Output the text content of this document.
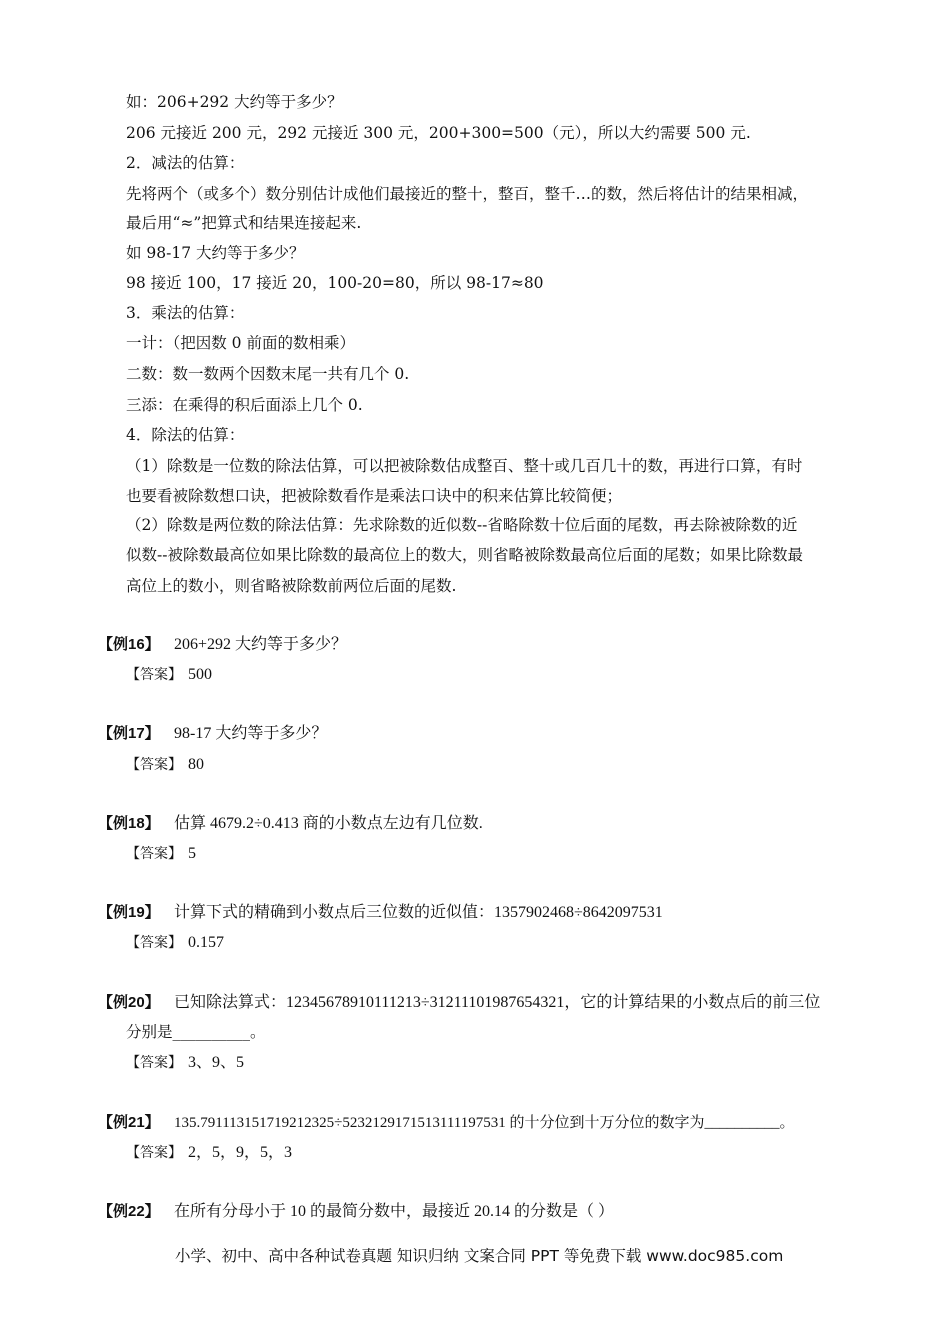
如：206+292 大约等于多少？
206 元接近 200 元，292 元接近 300 元，200+300=500（元），所以大约需要 500 元.
2．减法的估算：
先将两个（或多个）数分别估计成他们最接近的整十，整百，整千…的数，然后将估计的结果相减，
最后用“≈”把算式和结果连接起来.
如 98-17 大约等于多少？
98 接近 100，17 接近 20，100-20=80，所以 98-17≈80
3．乘法的估算：
一计：（把因数 0 前面的数相乘）
二数：数一数两个因数末尾一共有几个 0.
三添：在乘得的积后面添上几个 0.
4．除法的估算：
（1）除数是一位数的除法估算，可以把被除数估成整百、整十或几百几十的数，再进行口算，有时
也要看被除数想口诀，把被除数看作是乘法口诀中的积来估算比较简便；
（2）除数是两位数的除法估算：先求除数的近似数--省略除数十位后面的尾数，再去除被除数的近
似数--被除数最高位如果比除数的最高位上的数大，则省略被除数最高位后面的尾数；如果比除数最
高位上的数小，则省略被除数前两位后面的尾数.
【例16】 206+292 大约等于多少？
【答案】 500
【例17】 98-17 大约等于多少？
【答案】 80
【例18】 估算 4679.2÷0.413 商的小数点左边有几位数.
【答案】 5
【例19】 计算下式的精确到小数点后三位数的近似值：1357902468÷8642097531
【答案】 0.157
【例20】 已知除法算式：12345678910111213÷31211101987654321，它的计算结果的小数点后的前三位
分别是__________。
【答案】 3、9、5
【例21】 135.791113151719212325÷5232129171513111197531 的十分位到十万分位的数字为__________。
【答案】 2，5，9，5，3
【例22】 在所有分母小于 10 的最简分数中，最接近 20.14 的分数是（ ）
小学、初中、高中各种试卷真题 知识归纳 文案合同 PPT 等免费下载 www.doc985.com
